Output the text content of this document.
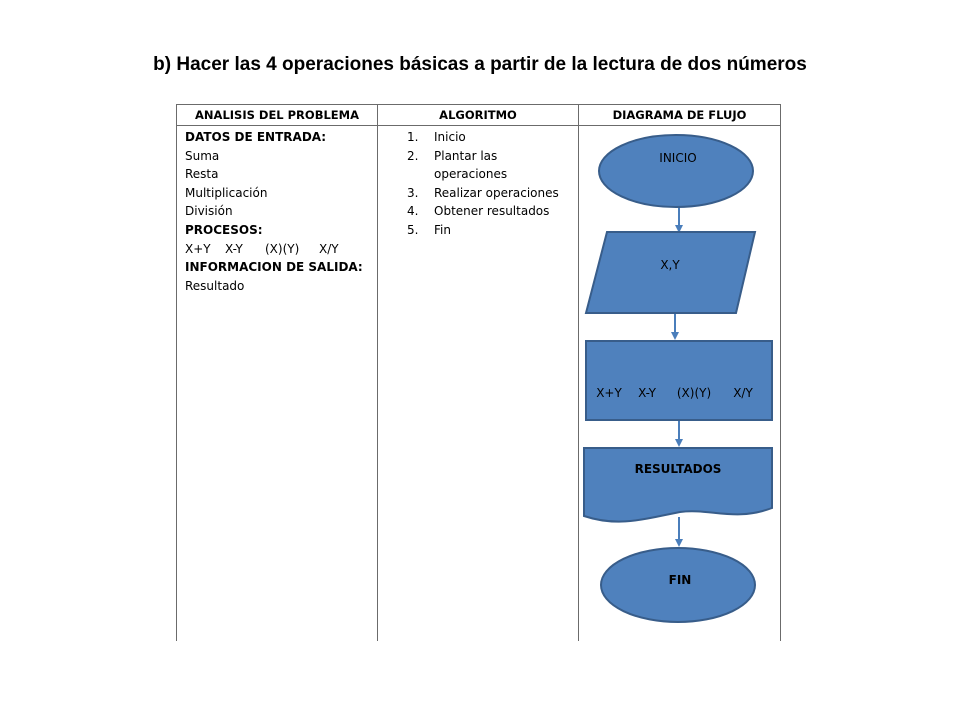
b) Hacer las 4 operaciones básicas a partir de la lectura de dos números
ANALISIS DEL PROBLEMA	ALGORITMO	DIAGRAMA DE FLUJO
DATOS DE ENTRADA:
Suma
Resta
Multiplicación
División
PROCESOS:
X+Y X-Y (X)(Y) X/Y
INFORMACION DE SALIDA:
Resultado
1. Inicio
2. Plantar las operaciones
3. Realizar operaciones
4. Obtener resultados
5. Fin
INICIO
X,Y
X+Y X-Y (X)(Y) X/Y
RESULTADOS
FIN
